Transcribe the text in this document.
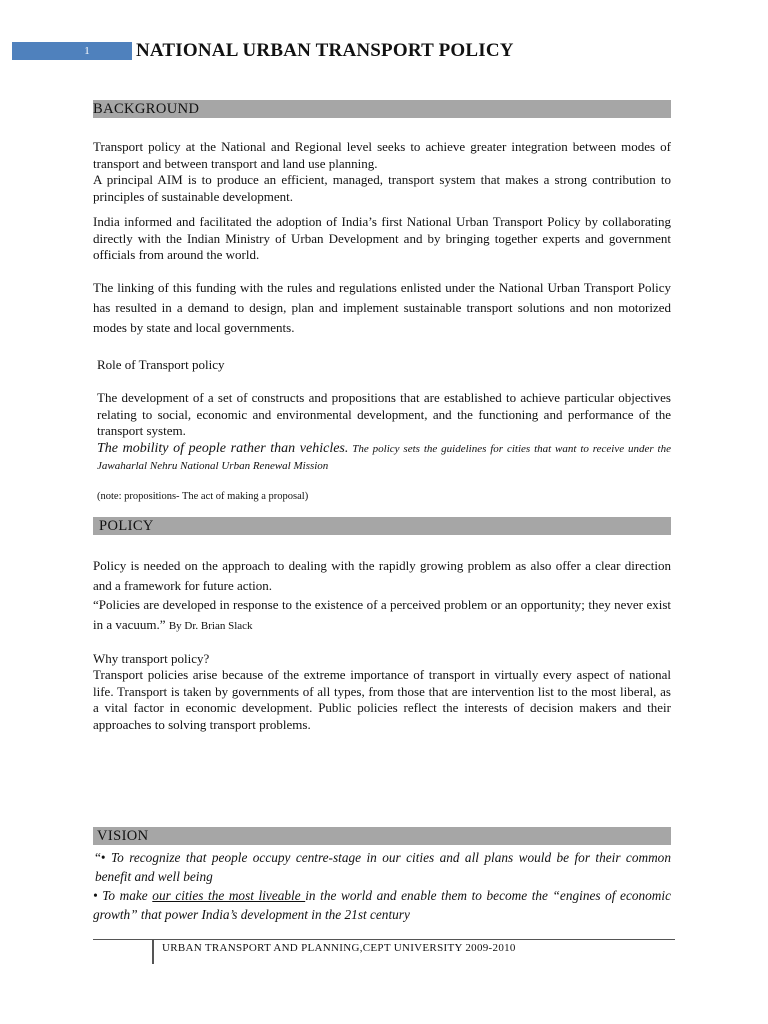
1	NATIONAL URBAN TRANSPORT POLICY
BACKGROUND

Transport policy at the National and Regional level seeks to achieve greater integration between modes of transport and between transport and land use planning.

A principal AIM is to produce an efficient, managed, transport system that makes a strong contribution to principles of sustainable development.

India informed and facilitated the adoption of India’s first National Urban Transport Policy by collaborating directly with the Indian Ministry of Urban Development and by bringing together experts and government officials from around the world.

The linking of this funding with the rules and regulations enlisted under the National Urban Transport Policy has resulted in a demand to design, plan and implement sustainable transport solutions and non motorized modes by state and local governments.

Role of Transport policy

The development of a set of constructs and propositions that are established to achieve particular objectives relating to social, economic and environmental development, and the functioning and performance of the transport system.

The mobility of people rather than vehicles. The policy sets the guidelines for cities that want to receive under the Jawaharlal Nehru National Urban Renewal Mission

(note: propositions- The act of making a proposal)

POLICY

Policy is needed on the approach to dealing with the rapidly growing problem as also offer a clear direction and a framework for future action.

“Policies are developed in response to the existence of a perceived problem or an opportunity; they never exist in a vacuum.” By Dr. Brian Slack

Why transport policy?

Transport policies arise because of the extreme importance of transport in virtually every aspect of national life. Transport is taken by governments of all types, from those that are intervention list to the most liberal, as a vital factor in economic development. Public policies reflect the interests of decision makers and their approaches to solving transport problems.

VISION

“• To recognize that people occupy centre-stage in our cities and all plans would be for their common benefit and well being

• To make our cities the most liveable in the world and enable them to become the “engines of economic growth” that power India’s development in the 21st century

URBAN TRANSPORT AND PLANNING,CEPT UNIVERSITY 2009-2010
